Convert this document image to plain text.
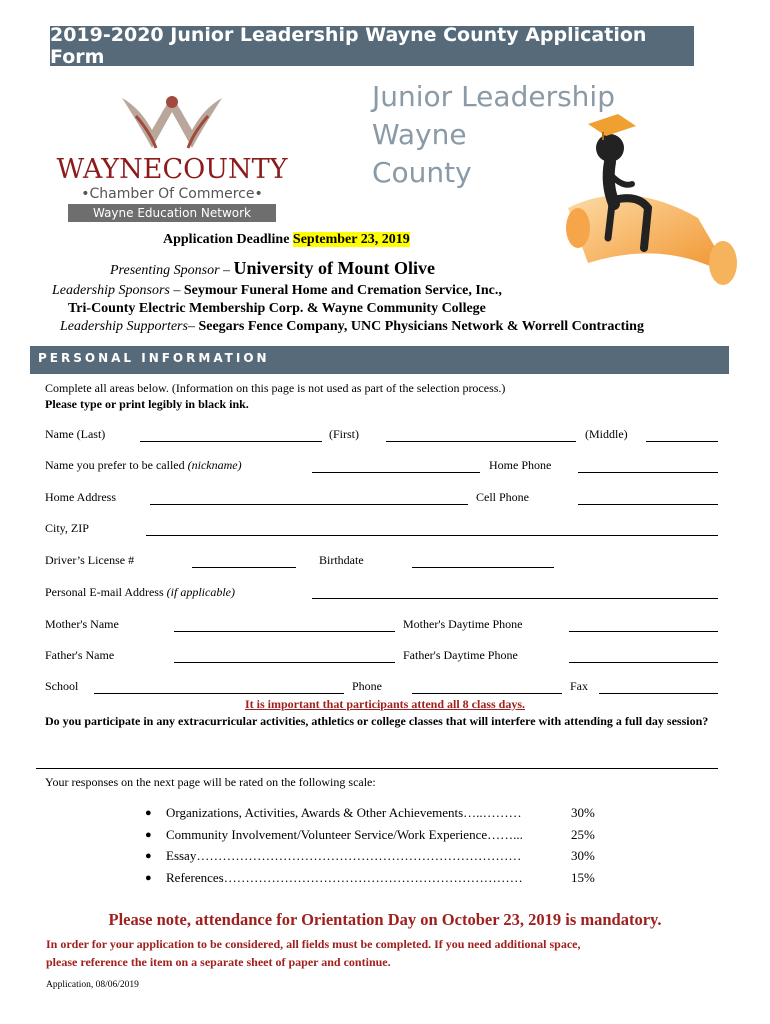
2019-2020 Junior Leadership Wayne County Application Form
WAYNECOUNTY
•Chamber Of Commerce•
Wayne Education Network
Junior Leadership
Wayne
County
Application Deadline September 23, 2019
Presenting Sponsor – University of Mount Olive
Leadership Sponsors – Seymour Funeral Home and Cremation Service, Inc.,
Tri-County Electric Membership Corp. & Wayne Community College
Leadership Supporters– Seegars Fence Company, UNC Physicians Network & Worrell Contracting
PERSONAL INFORMATION
Complete all areas below. (Information on this page is not used as part of the selection process.)
Please type or print legibly in black ink.
Name (Last)	(First)	(Middle)
Name you prefer to be called (nickname)	Home Phone
Home Address	Cell Phone
City, ZIP
Driver’s License #	Birthdate
Personal E-mail Address (if applicable)
Mother's Name	Mother's Daytime Phone
Father's Name	Father's Daytime Phone
School	Phone	Fax
It is important that participants attend all 8 class days.
Do you participate in any extracurricular activities, athletics or college classes that will interfere with attending a full day session?
Your responses on the next page will be rated on the following scale:
● Organizations, Activities, Awards & Other Achievements…..………	30%
● Community Involvement/Volunteer Service/Work Experience……...	25%
● Essay…………………………………………………………………	30%
● References……………………………………………………………	15%
Please note, attendance for Orientation Day on October 23, 2019 is mandatory.
In order for your application to be considered, all fields must be completed. If you need additional space,
please reference the item on a separate sheet of paper and continue.
Application, 08/06/2019
